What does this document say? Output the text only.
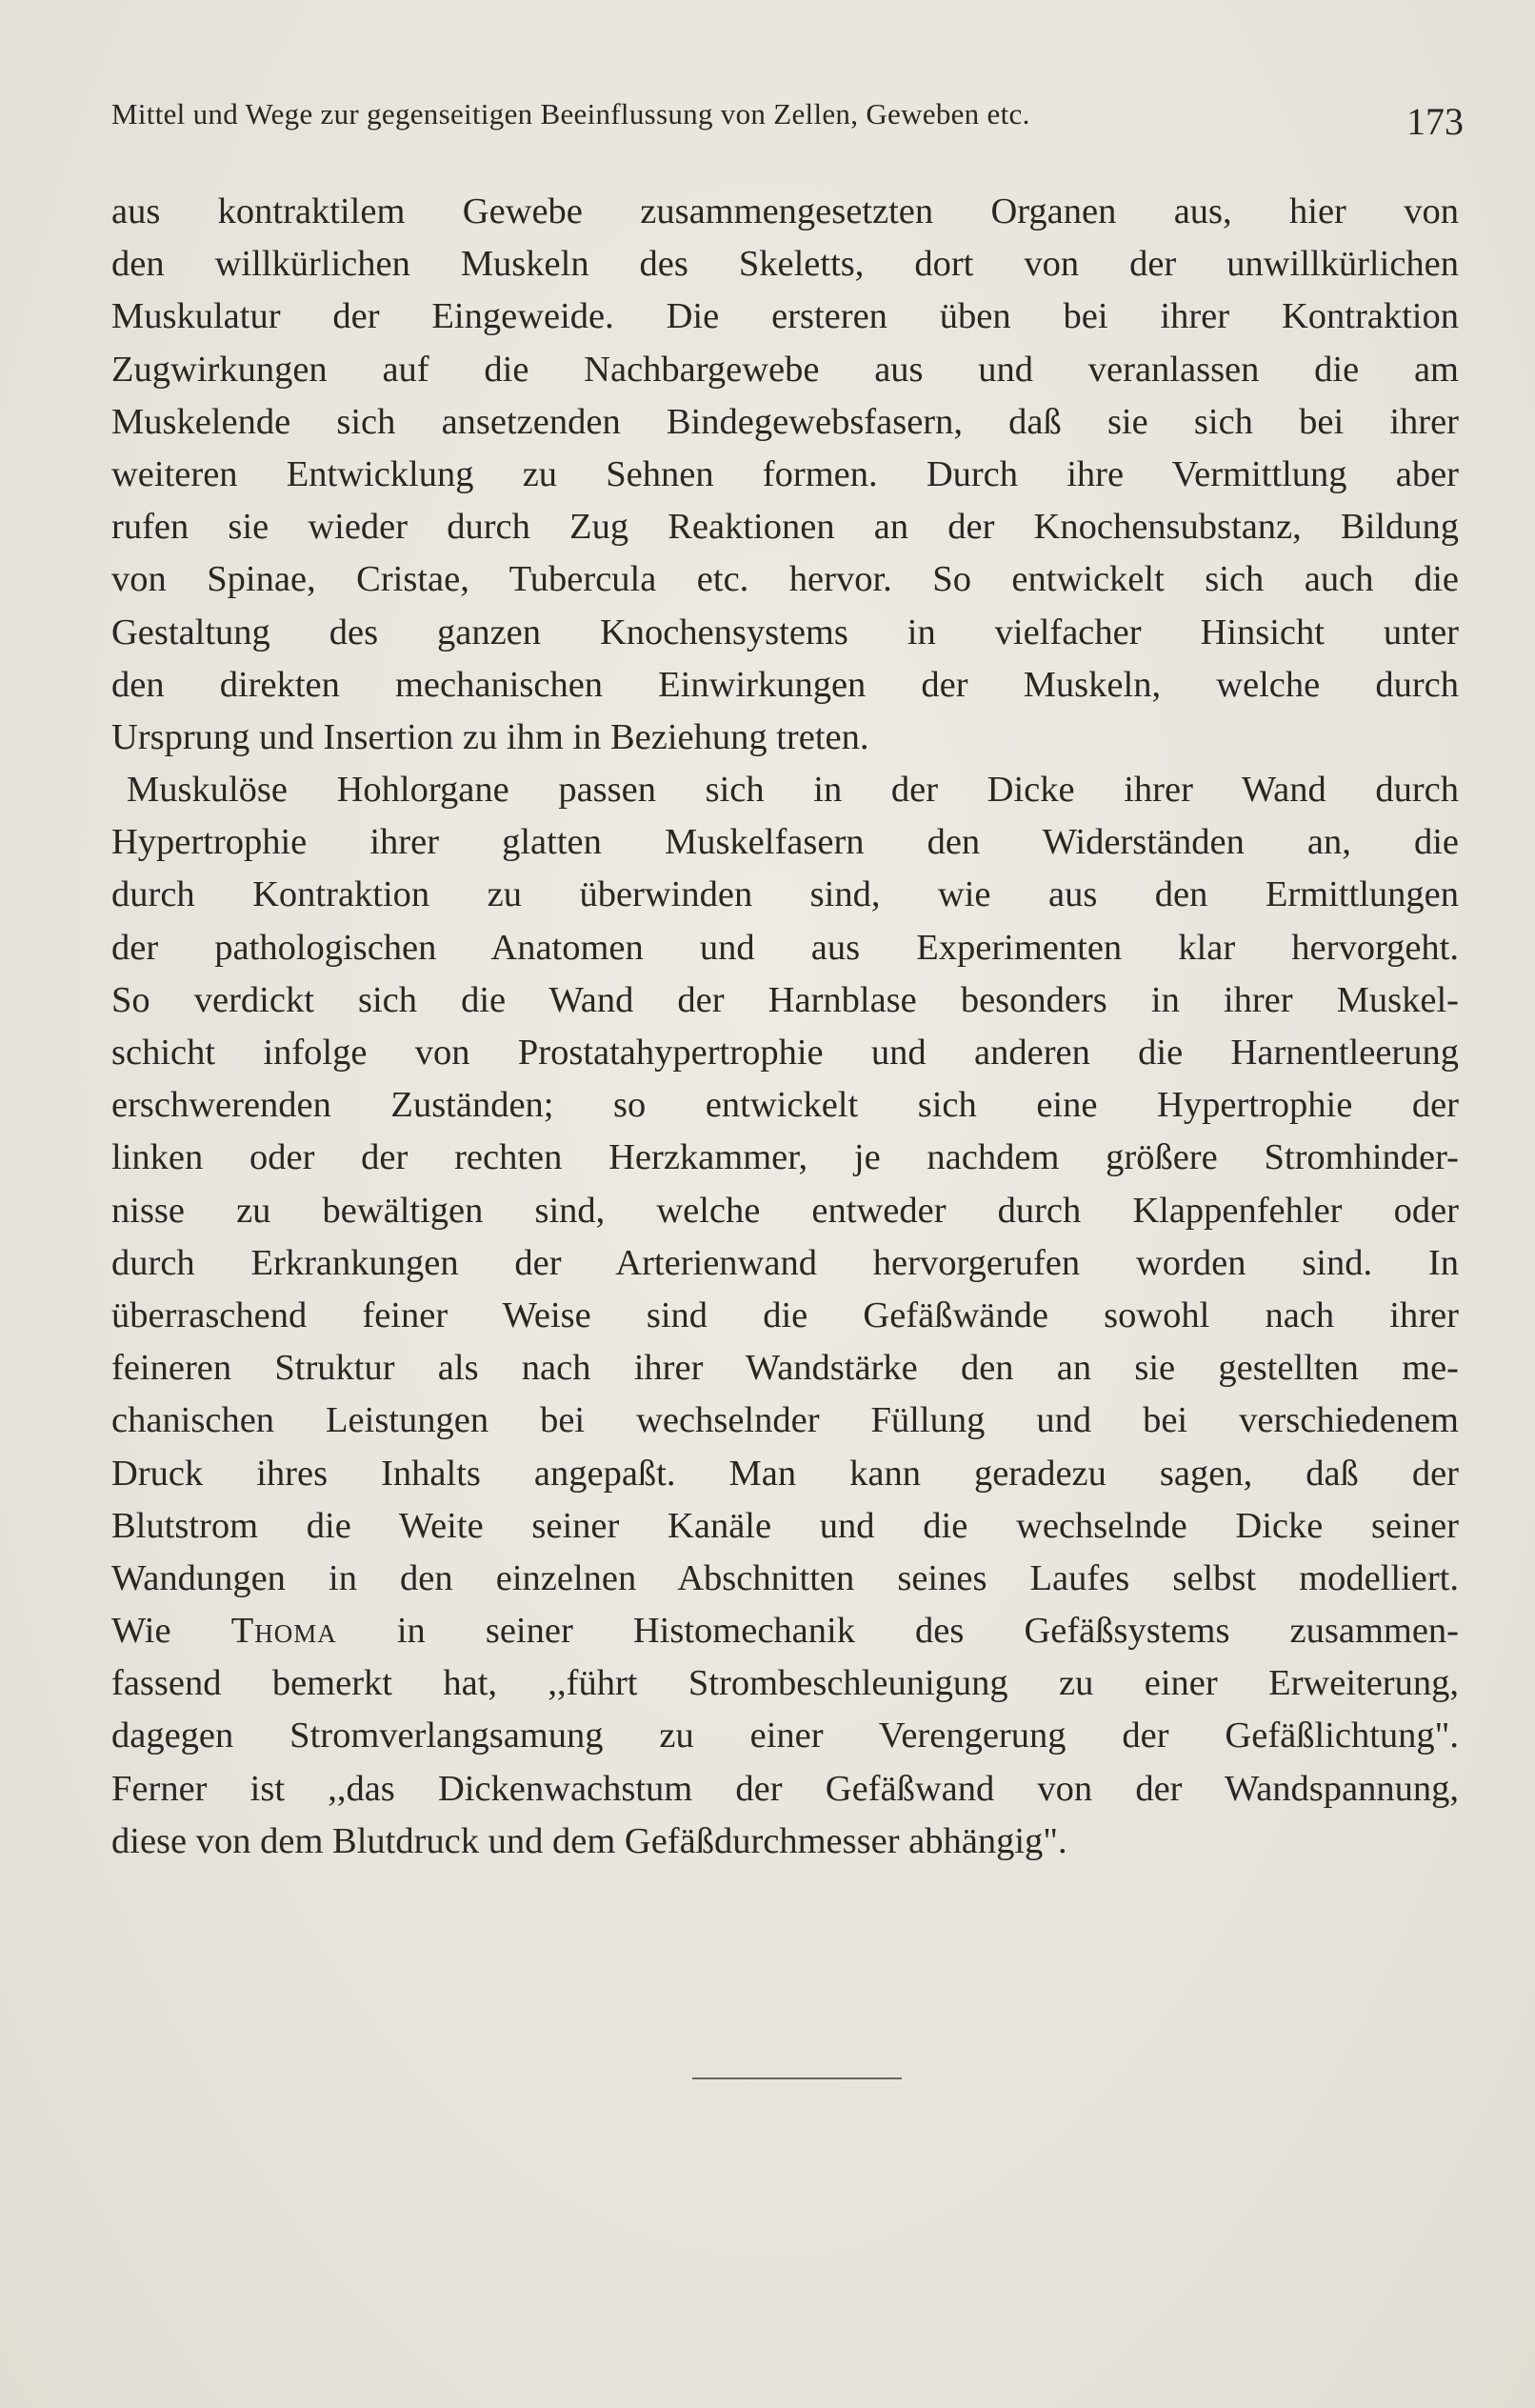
Mittel und Wege zur gegenseitigen Beeinflussung von Zellen, Geweben etc.	173
aus kontraktilem Gewebe zusammengesetzten Organen aus, hier von
den willkürlichen Muskeln des Skeletts, dort von der unwillkürlichen
Muskulatur der Eingeweide. Die ersteren üben bei ihrer Kontraktion
Zugwirkungen auf die Nachbargewebe aus und veranlassen die am
Muskelende sich ansetzenden Bindegewebsfasern, daß sie sich bei ihrer
weiteren Entwicklung zu Sehnen formen. Durch ihre Vermittlung aber
rufen sie wieder durch Zug Reaktionen an der Knochensubstanz, Bildung
von Spinae, Cristae, Tubercula etc. hervor. So entwickelt sich auch die
Gestaltung des ganzen Knochensystems in vielfacher Hinsicht unter
den direkten mechanischen Einwirkungen der Muskeln, welche durch
Ursprung und Insertion zu ihm in Beziehung treten.
Muskulöse Hohlorgane passen sich in der Dicke ihrer Wand durch
Hypertrophie ihrer glatten Muskelfasern den Widerständen an, die
durch Kontraktion zu überwinden sind, wie aus den Ermittlungen
der pathologischen Anatomen und aus Experimenten klar hervorgeht.
So verdickt sich die Wand der Harnblase besonders in ihrer Muskel-
schicht infolge von Prostatahypertrophie und anderen die Harnentleerung
erschwerenden Zuständen; so entwickelt sich eine Hypertrophie der
linken oder der rechten Herzkammer, je nachdem größere Stromhinder-
nisse zu bewältigen sind, welche entweder durch Klappenfehler oder
durch Erkrankungen der Arterienwand hervorgerufen worden sind. In
überraschend feiner Weise sind die Gefäßwände sowohl nach ihrer
feineren Struktur als nach ihrer Wandstärke den an sie gestellten me-
chanischen Leistungen bei wechselnder Füllung und bei verschiedenem
Druck ihres Inhalts angepaßt. Man kann geradezu sagen, daß der
Blutstrom die Weite seiner Kanäle und die wechselnde Dicke seiner
Wandungen in den einzelnen Abschnitten seines Laufes selbst modelliert.
Wie Thoma in seiner Histomechanik des Gefäßsystems zusammen-
fassend bemerkt hat, ,,führt Strombeschleunigung zu einer Erweiterung,
dagegen Stromverlangsamung zu einer Verengerung der Gefäßlichtung".
Ferner ist ,,das Dickenwachstum der Gefäßwand von der Wandspannung,
diese von dem Blutdruck und dem Gefäßdurchmesser abhängig".
